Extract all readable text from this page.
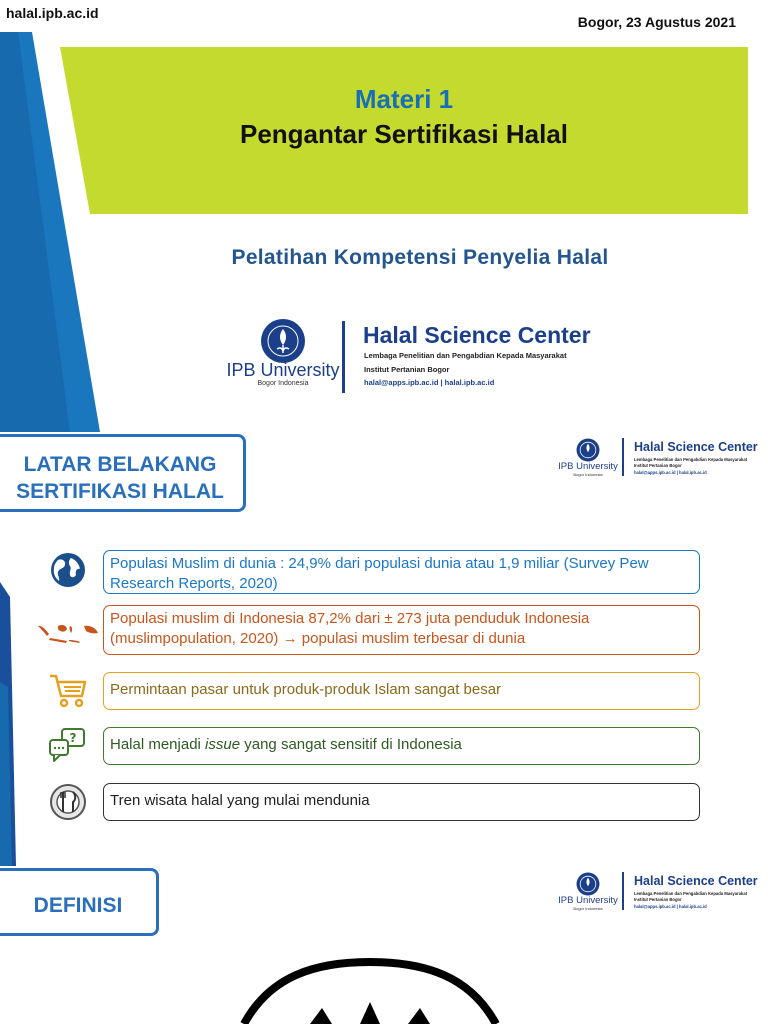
halal.ipb.ac.id
Bogor, 23 Agustus 2021
Materi 1
Pengantar Sertifikasi Halal
Pelatihan Kompetensi Penyelia Halal
IPB University
Bogor Indonesia
Halal Science Center
Lembaga Penelitian dan Pengabdian Kepada Masyarakat
Institut Pertanian Bogor
halal@apps.ipb.ac.id | halal.ipb.ac.id
LATAR BELAKANG
SERTIFIKASI HALAL
IPB University
Bogor Indonesia
Halal Science Center
Lembaga Penelitian dan Pengabdian Kepada Masyarakat
Institut Pertanian Bogor
halal@apps.ipb.ac.id | halal.ipb.ac.id
Populasi Muslim di dunia : 24,9% dari populasi dunia atau 1,9 miliar (Survey Pew Research Reports, 2020)
Populasi muslim di Indonesia 87,2% dari ± 273 juta penduduk Indonesia (muslimpopulation, 2020) → populasi muslim terbesar di dunia
Permintaan pasar untuk produk-produk Islam sangat besar
?	Halal menjadi issue yang sangat sensitif di Indonesia
Tren wisata halal yang mulai mendunia
DEFINISI	IPB University
Bogor Indonesia
Halal Science Center
Lembaga Penelitian dan Pengabdian Kepada Masyarakat
Institut Pertanian Bogor
halal@apps.ipb.ac.id | halal.ipb.ac.id
